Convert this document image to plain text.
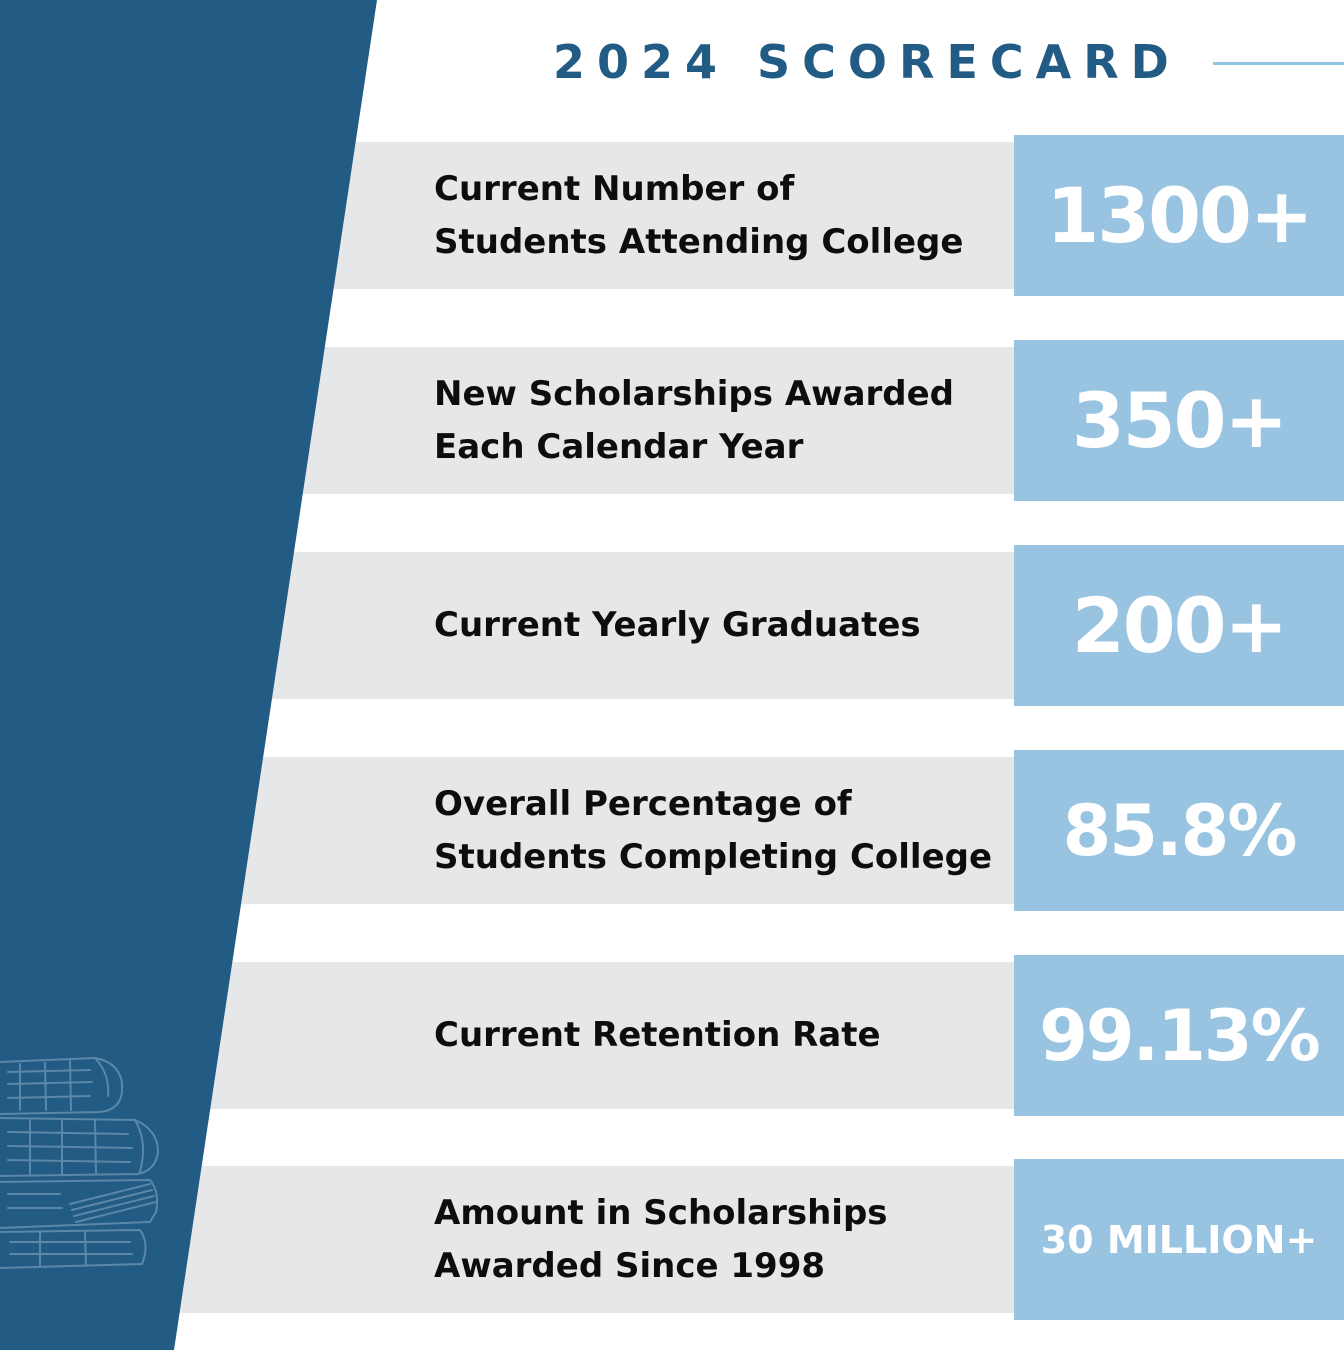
2024 SCORECARD
Current Number of
Students Attending College 1300+
New Scholarships Awarded
Each Calendar Year	350+
Current Yearly Graduates 200+
Overall Percentage of
Students Completing College 85.8%
Current Retention Rate 99.13%
Amount in Scholarships
Awarded Since 1998
30 MILLION+
